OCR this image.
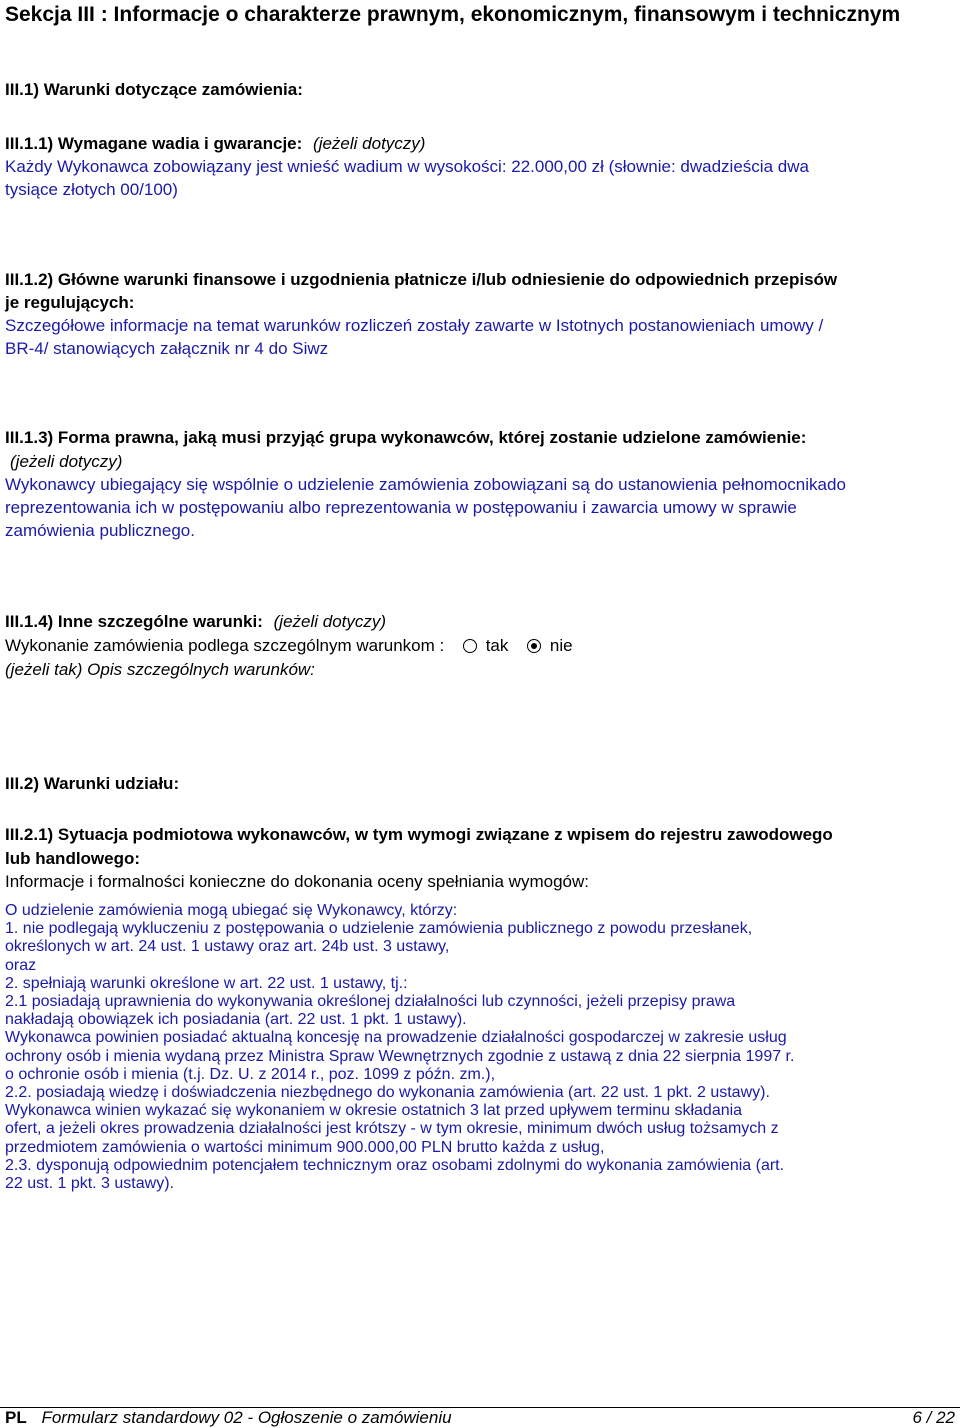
Sekcja III : Informacje o charakterze prawnym, ekonomicznym, finansowym i technicznym
III.1) Warunki dotyczące zamówienia:
III.1.1) Wymagane wadia i gwarancje: (jeżeli dotyczy)
Każdy Wykonawca zobowiązany jest wnieść wadium w wysokości: 22.000,00 zł (słownie: dwadzieścia dwa
tysiące złotych 00/100)
III.1.2) Główne warunki finansowe i uzgodnienia płatnicze i/lub odniesienie do odpowiednich przepisów
je regulujących:
Szczegółowe informacje na temat warunków rozliczeń zostały zawarte w Istotnych postanowieniach umowy /
BR-4/ stanowiących załącznik nr 4 do Siwz
III.1.3) Forma prawna, jaką musi przyjąć grupa wykonawców, której zostanie udzielone zamówienie:
(jeżeli dotyczy)
Wykonawcy ubiegający się wspólnie o udzielenie zamówienia zobowiązani są do ustanowienia pełnomocnikado
reprezentowania ich w postępowaniu albo reprezentowania w postępowaniu i zawarcia umowy w sprawie
zamówienia publicznego.
III.1.4) Inne szczególne warunki: (jeżeli dotyczy)
Wykonanie zamówienia podlega szczególnym warunkom : tak nie
(jeżeli tak) Opis szczególnych warunków:
III.2) Warunki udziału:
III.2.1) Sytuacja podmiotowa wykonawców, w tym wymogi związane z wpisem do rejestru zawodowego
lub handlowego:
Informacje i formalności konieczne do dokonania oceny spełniania wymogów:
O udzielenie zamówienia mogą ubiegać się Wykonawcy, którzy:
1. nie podlegają wykluczeniu z postępowania o udzielenie zamówienia publicznego z powodu przesłanek,
określonych w art. 24 ust. 1 ustawy oraz art. 24b ust. 3 ustawy,
oraz
2. spełniają warunki określone w art. 22 ust. 1 ustawy, tj.:
2.1 posiadają uprawnienia do wykonywania określonej działalności lub czynności, jeżeli przepisy prawa
nakładają obowiązek ich posiadania (art. 22 ust. 1 pkt. 1 ustawy).
Wykonawca powinien posiadać aktualną koncesję na prowadzenie działalności gospodarczej w zakresie usług
ochrony osób i mienia wydaną przez Ministra Spraw Wewnętrznych zgodnie z ustawą z dnia 22 sierpnia 1997 r.
o ochronie osób i mienia (t.j. Dz. U. z 2014 r., poz. 1099 z późn. zm.),
2.2. posiadają wiedzę i doświadczenia niezbędnego do wykonania zamówienia (art. 22 ust. 1 pkt. 2 ustawy).
Wykonawca winien wykazać się wykonaniem w okresie ostatnich 3 lat przed upływem terminu składania
ofert, a jeżeli okres prowadzenia działalności jest krótszy - w tym okresie, minimum dwóch usług tożsamych z
przedmiotem zamówienia o wartości minimum 900.000,00 PLN brutto każda z usług,
2.3. dysponują odpowiednim potencjałem technicznym oraz osobami zdolnymi do wykonania zamówienia (art.
22 ust. 1 pkt. 3 ustawy).
PL Formularz standardowy 02 - Ogłoszenie o zamówieniu	6 / 22
